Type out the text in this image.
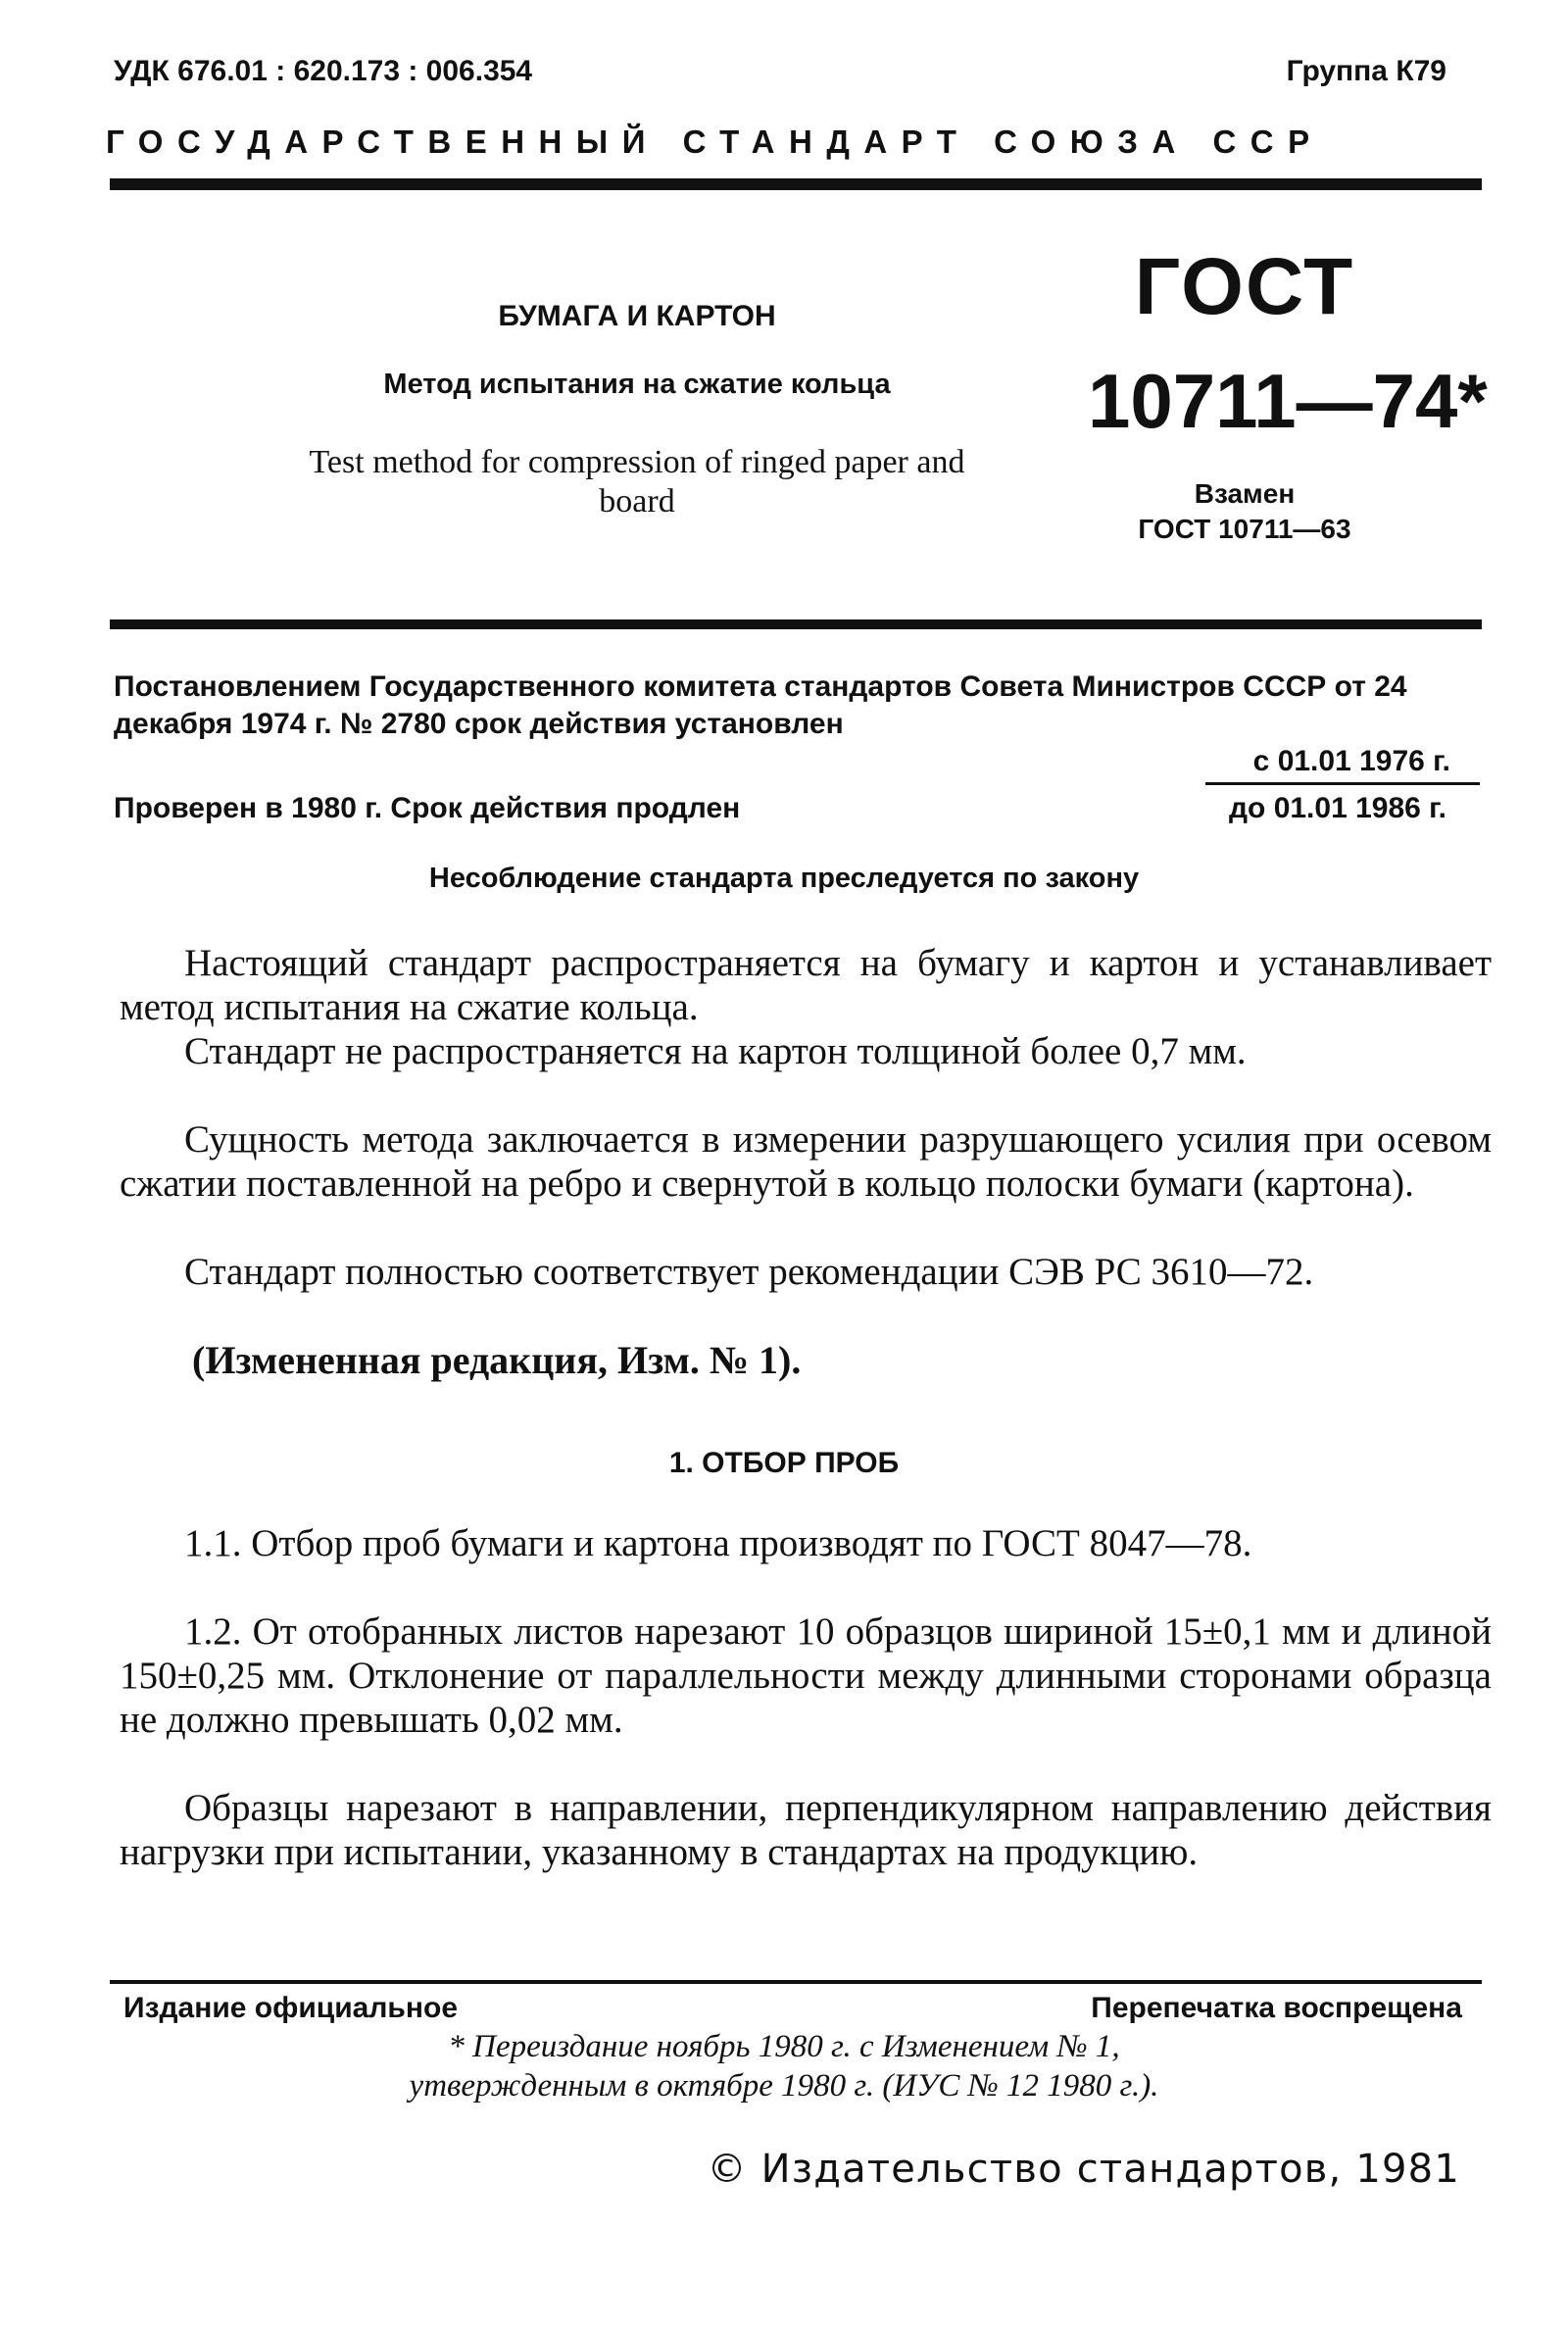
УДК 676.01 : 620.173 : 006.354	Группа К79
ГОСУДАРСТВЕННЫЙ СТАНДАРТ СОЮЗА ССР
БУМАГА И КАРТОН
Метод испытания на сжатие кольца
Test method for compression of ringed paper and board
ГОСТ
10711—74*
Взамен
ГОСТ 10711—63
Постановлением Государственного комитета стандартов Совета Министров СССР от 24 декабря 1974 г. № 2780 срок действия установлен
с 01.01 1976 г.
Проверен в 1980 г. Срок действия продлен	до 01.01 1986 г.
Несоблюдение стандарта преследуется по закону
Настоящий стандарт распространяется на бумагу и картон и устанавливает метод испытания на сжатие кольца.
Стандарт не распространяется на картон толщиной более 0,7 мм.
Сущность метода заключается в измерении разрушающего усилия при осевом сжатии поставленной на ребро и свернутой в кольцо полоски бумаги (картона).
Стандарт полностью соответствует рекомендации СЭВ РС 3610—72.
(Измененная редакция, Изм. № 1).
1. ОТБОР ПРОБ
1.1. Отбор проб бумаги и картона производят по ГОСТ 8047—78.
1.2. От отобранных листов нарезают 10 образцов шириной 15±0,1 мм и длиной 150±0,25 мм. Отклонение от параллельности между длинными сторонами образца не должно превышать 0,02 мм.
Образцы нарезают в направлении, перпендикулярном направлению действия нагрузки при испытании, указанному в стандартах на продукцию.
Издание официальное	Перепечатка воспрещена
* Переиздание ноябрь 1980 г. с Изменением № 1,
утвержденным в октябре 1980 г. (ИУС № 12 1980 г.).
© Издательство стандартов, 1981
